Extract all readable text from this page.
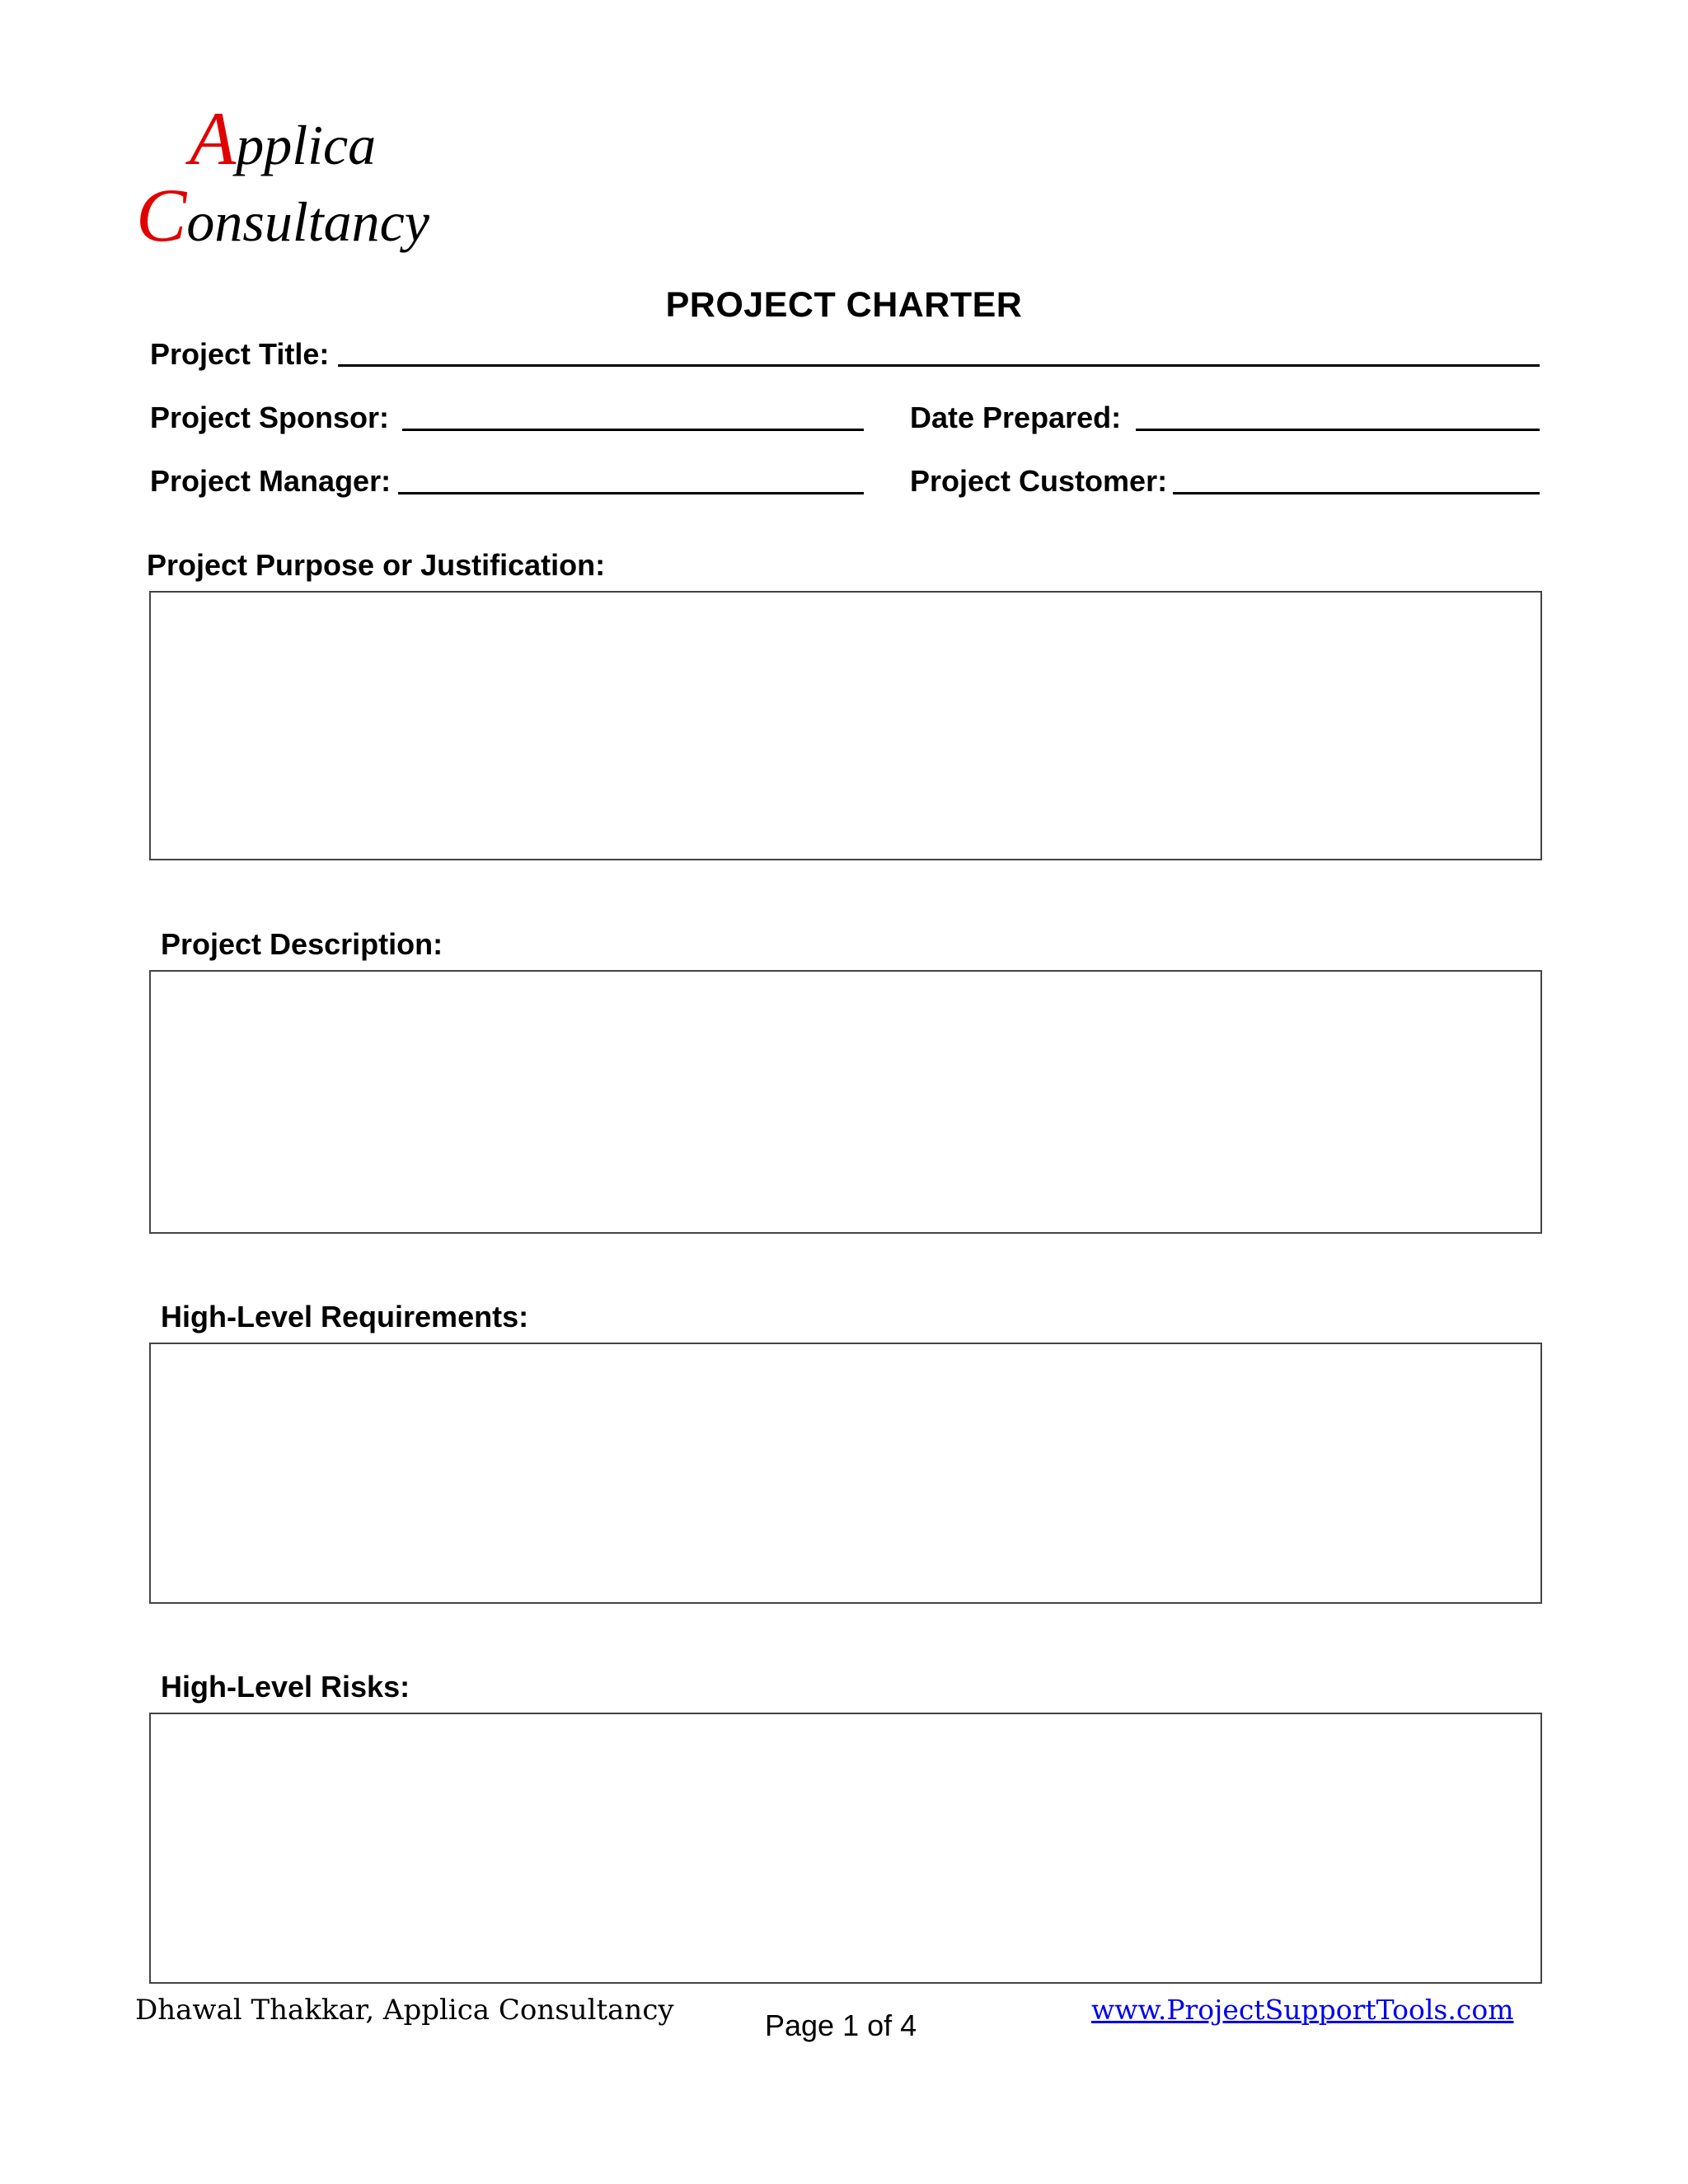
Applica
Consultancy
PROJECT CHARTER
Project Title:
Project Sponsor:	Date Prepared:
Project Manager:	Project Customer:
Project Purpose or Justification:
Project Description:
High-Level Requirements:
High-Level Risks:
Dhawal Thakkar, Applica Consultancy	Page 1 of 4	www.ProjectSupportTools.com
